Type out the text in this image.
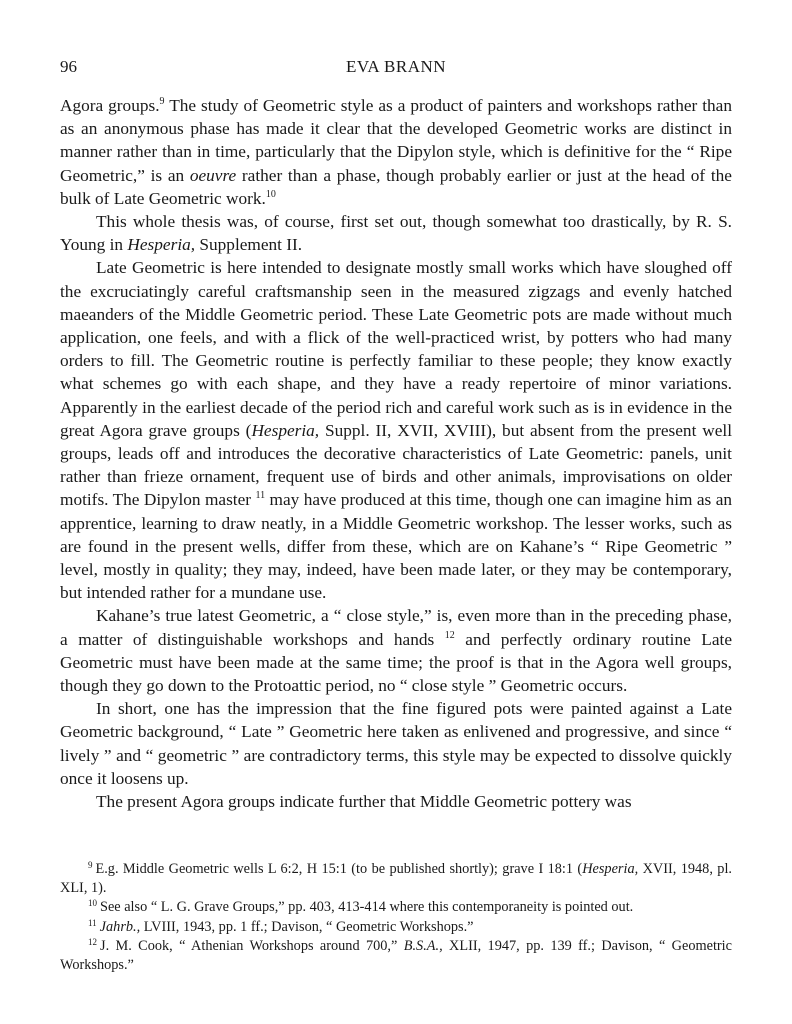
96	EVA BRANN

Agora groups.$^9$ The study of Geometric style as a product of painters and workshops rather than as an anonymous phase has made it clear that the developed Geometric works are distinct in manner rather than in time, particularly that the Dipylon style, which is definitive for the “ Ripe Geometric,” is an oeuvre rather than a phase, though probably earlier or just at the head of the bulk of Late Geometric work.$^{10}$

This whole thesis was, of course, first set out, though somewhat too drastically, by R. S. Young in Hesperia, Supplement II.

Late Geometric is here intended to designate mostly small works which have sloughed off the excruciatingly careful craftsmanship seen in the measured zigzags and evenly hatched maeanders of the Middle Geometric period. These Late Geometric pots are made without much application, one feels, and with a flick of the well-practiced wrist, by potters who had many orders to fill. The Geometric routine is perfectly familiar to these people; they know exactly what schemes go with each shape, and they have a ready repertoire of minor variations. Apparently in the earliest decade of the period rich and careful work such as is in evidence in the great Agora grave groups (Hesperia, Suppl. II, XVII, XVIII), but absent from the present well groups, leads off and introduces the decorative characteristics of Late Geometric: panels, unit rather than frieze ornament, frequent use of birds and other animals, improvisations on older motifs. The Dipylon master $^{11}$ may have produced at this time, though one can imagine him as an apprentice, learning to draw neatly, in a Middle Geometric workshop. The lesser works, such as are found in the present wells, differ from these, which are on Kahane’s “ Ripe Geometric ” level, mostly in quality; they may, indeed, have been made later, or they may be contemporary, but intended rather for a mundane use.

Kahane’s true latest Geometric, a “ close style,” is, even more than in the preceding phase, a matter of distinguishable workshops and hands $^{12}$ and perfectly ordinary routine Late Geometric must have been made at the same time; the proof is that in the Agora well groups, though they go down to the Protoattic period, no “ close style ” Geometric occurs.

In short, one has the impression that the fine figured pots were painted against a Late Geometric background, “ Late ” Geometric here taken as enlivened and progressive, and since “ lively ” and “ geometric ” are contradictory terms, this style may be expected to dissolve quickly once it loosens up.

The present Agora groups indicate further that Middle Geometric pottery was

$^9$ E.g. Middle Geometric wells L 6:2, H 15:1 (to be published shortly); grave I 18:1 (Hesperia, XVII, 1948, pl. XLI, 1).

$^{10}$ See also “ L. G. Grave Groups,” pp. 403, 413-414 where this contemporaneity is pointed out.

$^{11}$ Jahrb., LVIII, 1943, pp. 1 ff.; Davison, “ Geometric Workshops.”

$^{12}$ J. M. Cook, “ Athenian Workshops around 700,” B.S.A., XLII, 1947, pp. 139 ff.; Davison, “ Geometric Workshops.”
